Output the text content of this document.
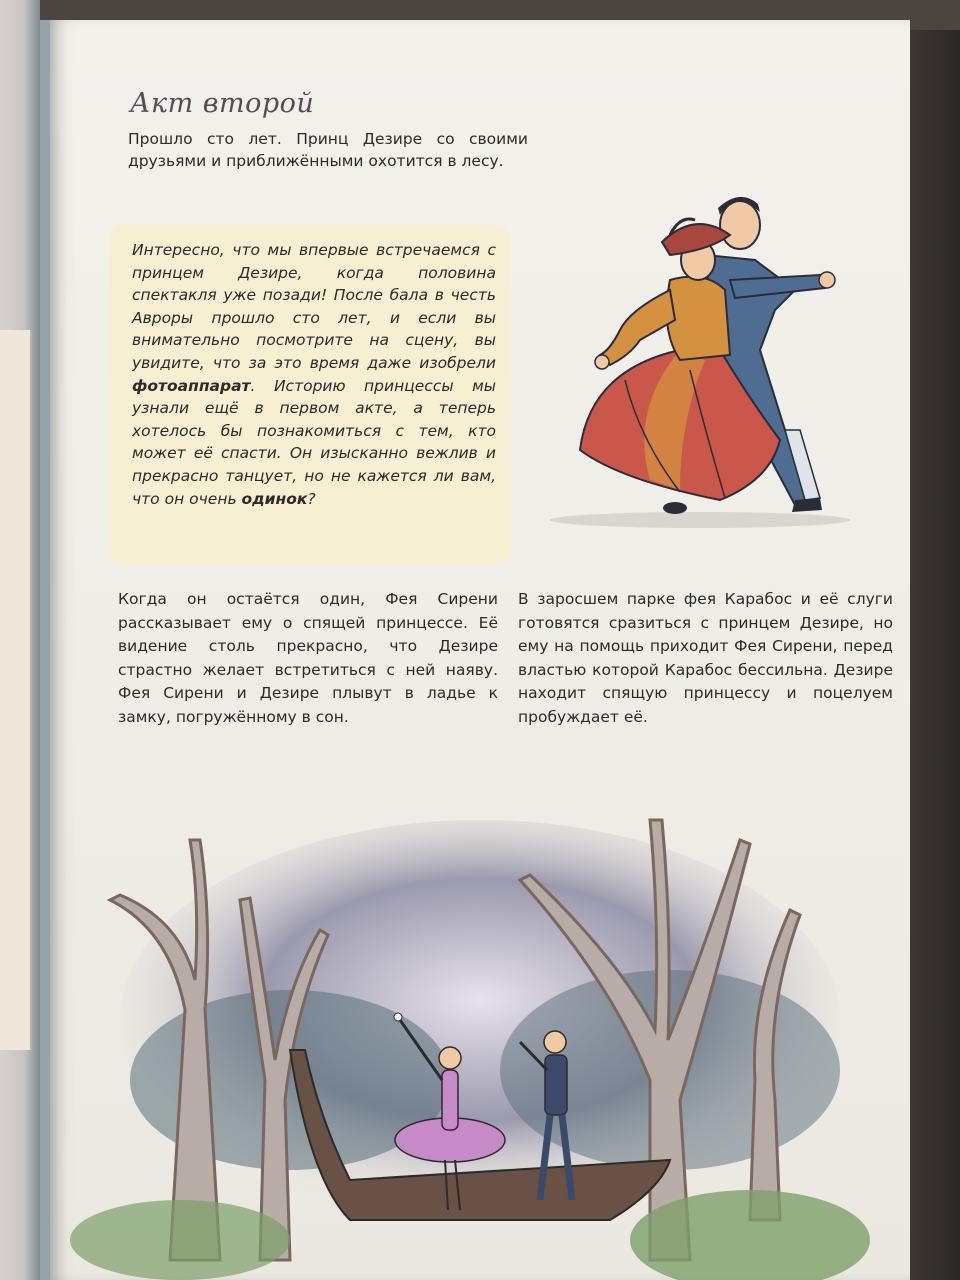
Акт второй
Прошло сто лет. Принц Дезире со своими друзьями и приближёнными охотится в лесу.
Интересно, что мы впервые встречаемся с принцем Дезире, когда половина спектакля уже позади! После бала в честь Авроры прошло сто лет, и если вы внимательно посмотрите на сцену, вы увидите, что за это время даже изобрели фотоаппарат. Историю принцессы мы узнали ещё в первом акте, а теперь хотелось бы познакомиться с тем, кто может её спасти. Он изысканно вежлив и прекрасно танцует, но не кажется ли вам, что он очень одинок?
Когда он остаётся один, Фея Сирени рассказывает ему о спящей принцессе. Её видение столь прекрасно, что Дезире страстно желает встретиться с ней наяву. Фея Сирени и Дезире плывут в ладье к замку, погружённому в сон.
В заросшем парке фея Карабос и её слуги готовятся сразиться с принцем Дезире, но ему на помощь приходит Фея Сирени, перед властью которой Карабос бессильна. Дезире находит спящую принцессу и поцелуем пробуждает её.
